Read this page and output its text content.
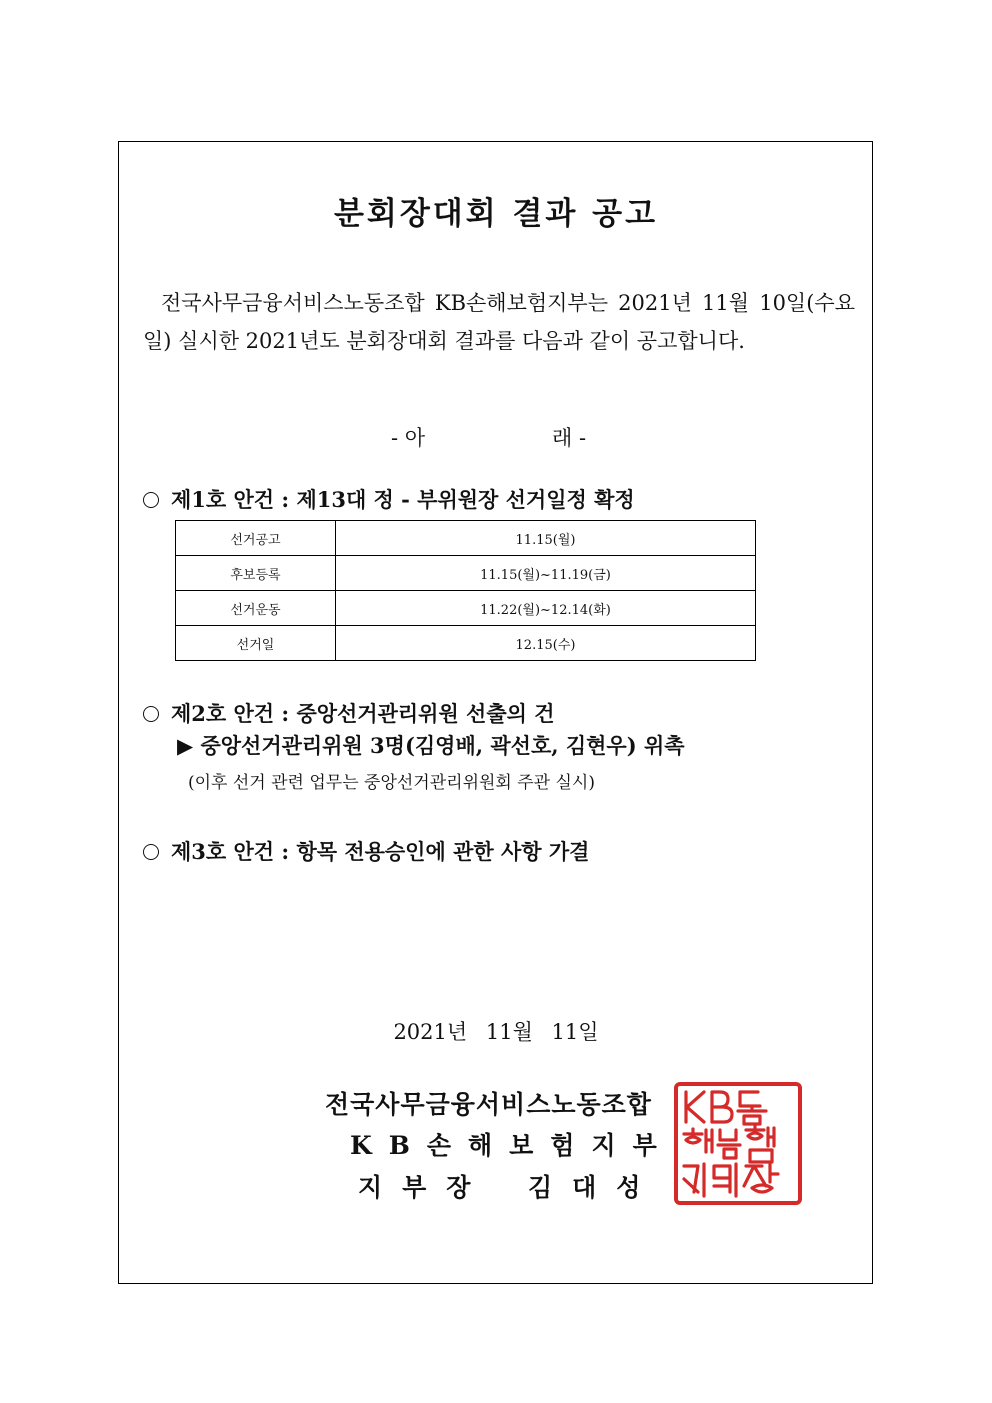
분회장대회 결과 공고
전국사무금융서비스노동조합 KB손해보험지부는 2021년 11월 10일(수요일) 실시한 2021년도 분회장대회 결과를 다음과 같이 공고합니다.
- 아	래 -
제1호 안건 : 제13대 정 - 부위원장 선거일정 확정
선거공고	11.15(월)
후보등록	11.15(월)~11.19(금)
선거운동	11.22(월)~12.14(화)
선거일	12.15(수)
제2호 안건 : 중앙선거관리위원 선출의 건
▶ 중앙선거관리위원 3명(김영배, 곽선호, 김현우) 위촉
(이후 선거 관련 업무는 중앙선거관리위원회 주관 실시)
제3호 안건 : 항목 전용승인에 관한 사항 가결
2021년 11월 11일
전국사무금융서비스노동조합
KB손해보험지부
지부장 김대성
